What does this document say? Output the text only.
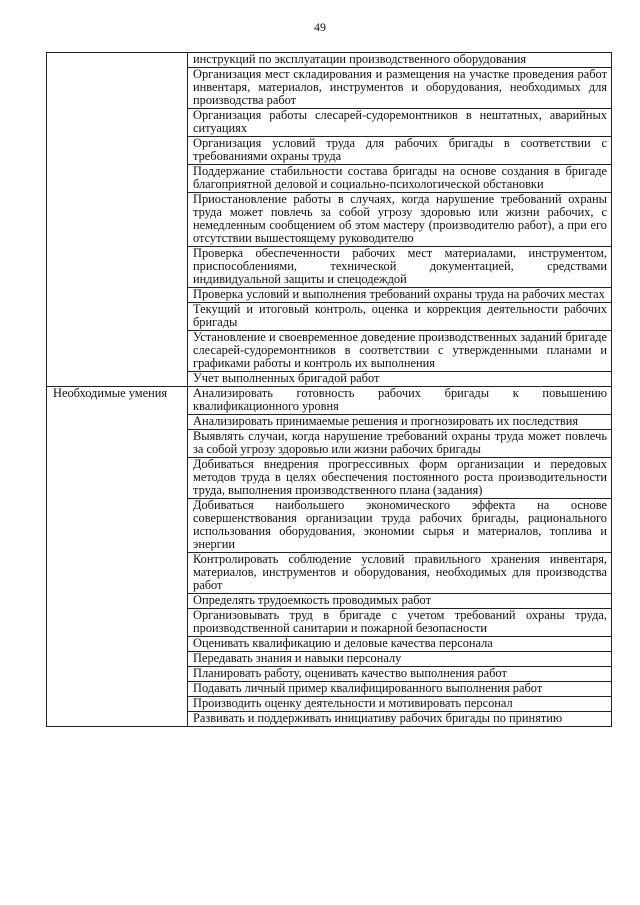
49
	инструкций по эксплуатации производственного оборудования
	Организация мест складирования и размещения на участке проведения работ инвентаря, материалов, инструментов и оборудования, необходимых для производства работ
	Организация работы слесарей-судоремонтников в нештатных, аварийных ситуациях
	Организация условий труда для рабочих бригады в соответствии с требованиями охраны труда
	Поддержание стабильности состава бригады на основе создания в бригаде благоприятной деловой и социально-психологической обстановки
	Приостановление работы в случаях, когда нарушение требований охраны труда может повлечь за собой угрозу здоровью или жизни рабочих, с немедленным сообщением об этом мастеру (производителю работ), а при его отсутствии вышестоящему руководителю
	Проверка обеспеченности рабочих мест материалами, инструментом, приспособлениями, технической документацией, средствами индивидуальной защиты и спецодеждой
	Проверка условий и выполнения требований охраны труда на рабочих местах
	Текущий и итоговый контроль, оценка и коррекция деятельности рабочих бригады
	Установление и своевременное доведение производственных заданий бригаде слесарей-судоремонтников в соответствии с утвержденными планами и графиками работы и контроль их выполнения
	Учет выполненных бригадой работ
Необходимые умения	Анализировать готовность рабочих бригады к повышению квалификационного уровня
	Анализировать принимаемые решения и прогнозировать их последствия
	Выявлять случаи, когда нарушение требований охраны труда может повлечь за собой угрозу здоровью или жизни рабочих бригады
	Добиваться внедрения прогрессивных форм организации и передовых методов труда в целях обеспечения постоянного роста производительности труда, выполнения производственного плана (задания)
	Добиваться наибольшего экономического эффекта на основе совершенствования организации труда рабочих бригады, рационального использования оборудования, экономии сырья и материалов, топлива и энергии
	Контролировать соблюдение условий правильного хранения инвентаря, материалов, инструментов и оборудования, необходимых для производства работ
	Определять трудоемкость проводимых работ
	Организовывать труд в бригаде с учетом требований охраны труда, производственной санитарии и пожарной безопасности
	Оценивать квалификацию и деловые качества персонала
	Передавать знания и навыки персоналу
	Планировать работу, оценивать качество выполнения работ
	Подавать личный пример квалифицированного выполнения работ
	Производить оценку деятельности и мотивировать персонал
	Развивать и поддерживать инициативу рабочих бригады по принятию
